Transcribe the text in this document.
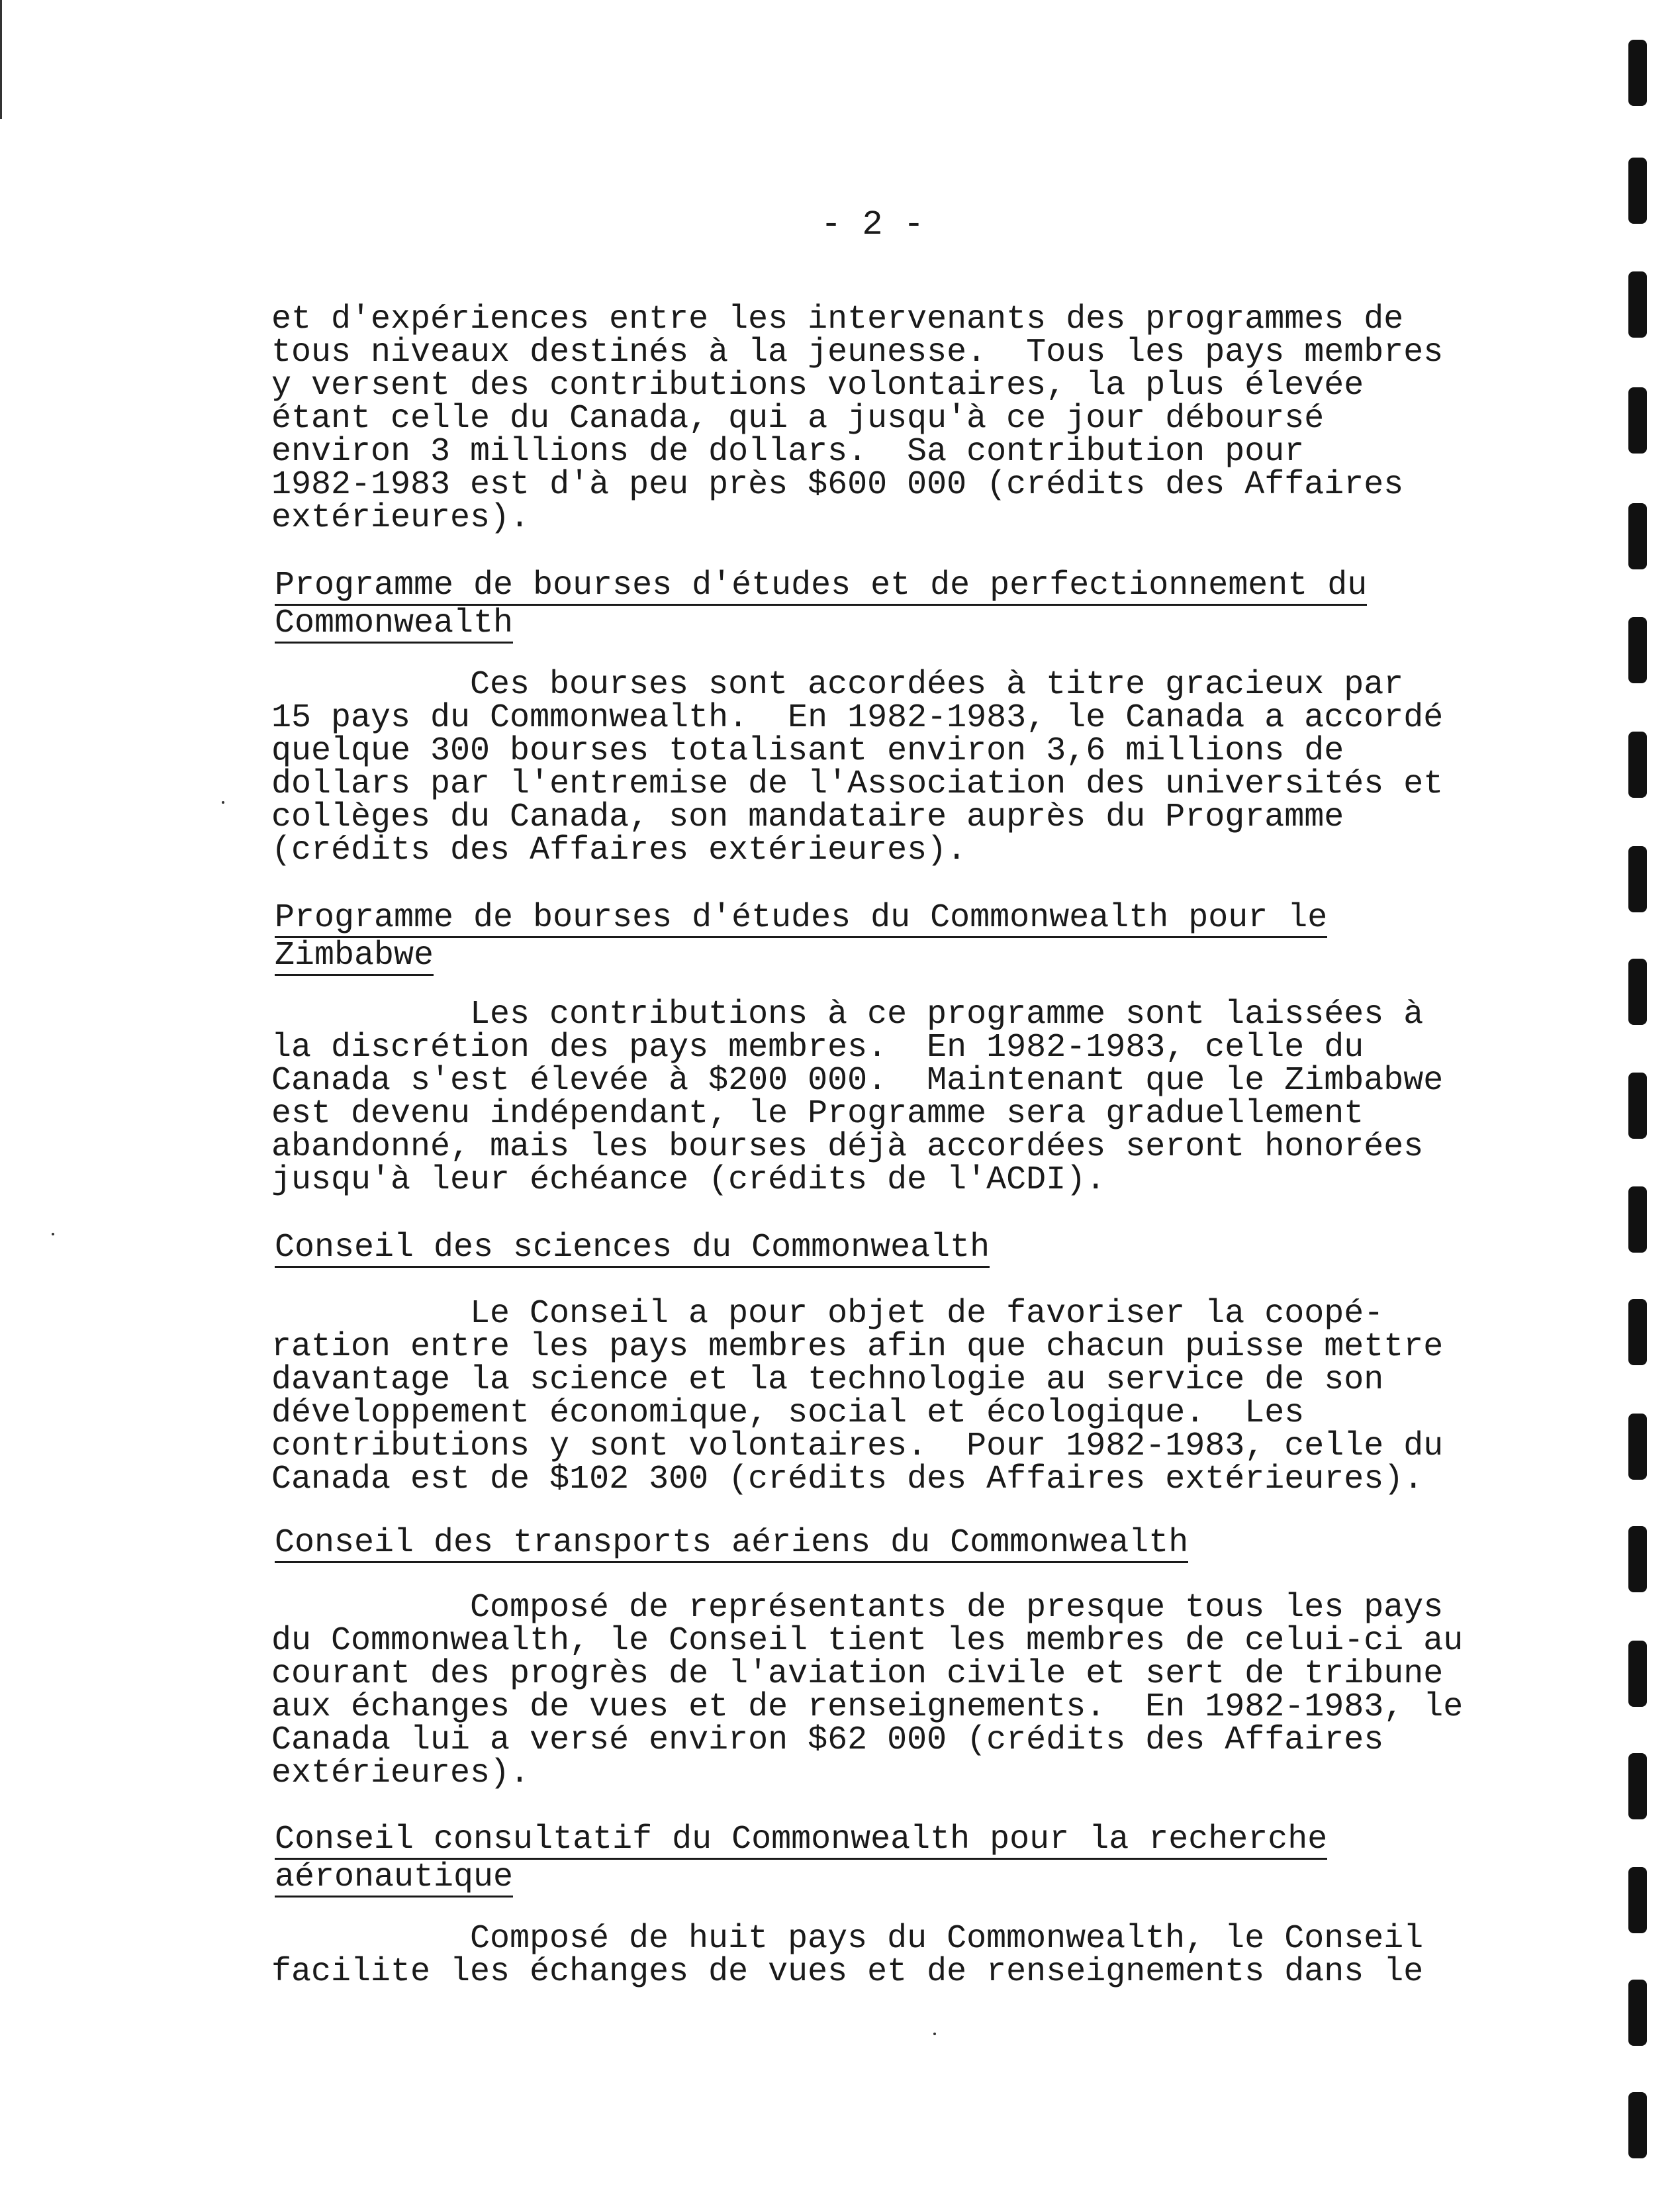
- 2 -
et d'expériences entre les intervenants des programmes de
tous niveaux destinés à la jeunesse.  Tous les pays membres
y versent des contributions volontaires, la plus élevée
étant celle du Canada, qui a jusqu'à ce jour déboursé
environ 3 millions de dollars.  Sa contribution pour
1982-1983 est d'à peu près $600 000 (crédits des Affaires
extérieures).
Programme de bourses d'études et de perfectionnement du
Commonwealth
Ces bourses sont accordées à titre gracieux par
15 pays du Commonwealth.  En 1982-1983, le Canada a accordé
quelque 300 bourses totalisant environ 3,6 millions de
dollars par l'entremise de l'Association des universités et
collèges du Canada, son mandataire auprès du Programme
(crédits des Affaires extérieures).
Programme de bourses d'études du Commonwealth pour le
Zimbabwe
Les contributions à ce programme sont laissées à
la discrétion des pays membres.  En 1982-1983, celle du
Canada s'est élevée à $200 000.  Maintenant que le Zimbabwe
est devenu indépendant, le Programme sera graduellement
abandonné, mais les bourses déjà accordées seront honorées
jusqu'à leur échéance (crédits de l'ACDI).
Conseil des sciences du Commonwealth
Le Conseil a pour objet de favoriser la coopé-
ration entre les pays membres afin que chacun puisse mettre
davantage la science et la technologie au service de son
développement économique, social et écologique.  Les
contributions y sont volontaires.  Pour 1982-1983, celle du
Canada est de $102 300 (crédits des Affaires extérieures).
Conseil des transports aériens du Commonwealth
Composé de représentants de presque tous les pays
du Commonwealth, le Conseil tient les membres de celui-ci au
courant des progrès de l'aviation civile et sert de tribune
aux échanges de vues et de renseignements.  En 1982-1983, le
Canada lui a versé environ $62 000 (crédits des Affaires
extérieures).
Conseil consultatif du Commonwealth pour la recherche
aéronautique
Composé de huit pays du Commonwealth, le Conseil
facilite les échanges de vues et de renseignements dans le
